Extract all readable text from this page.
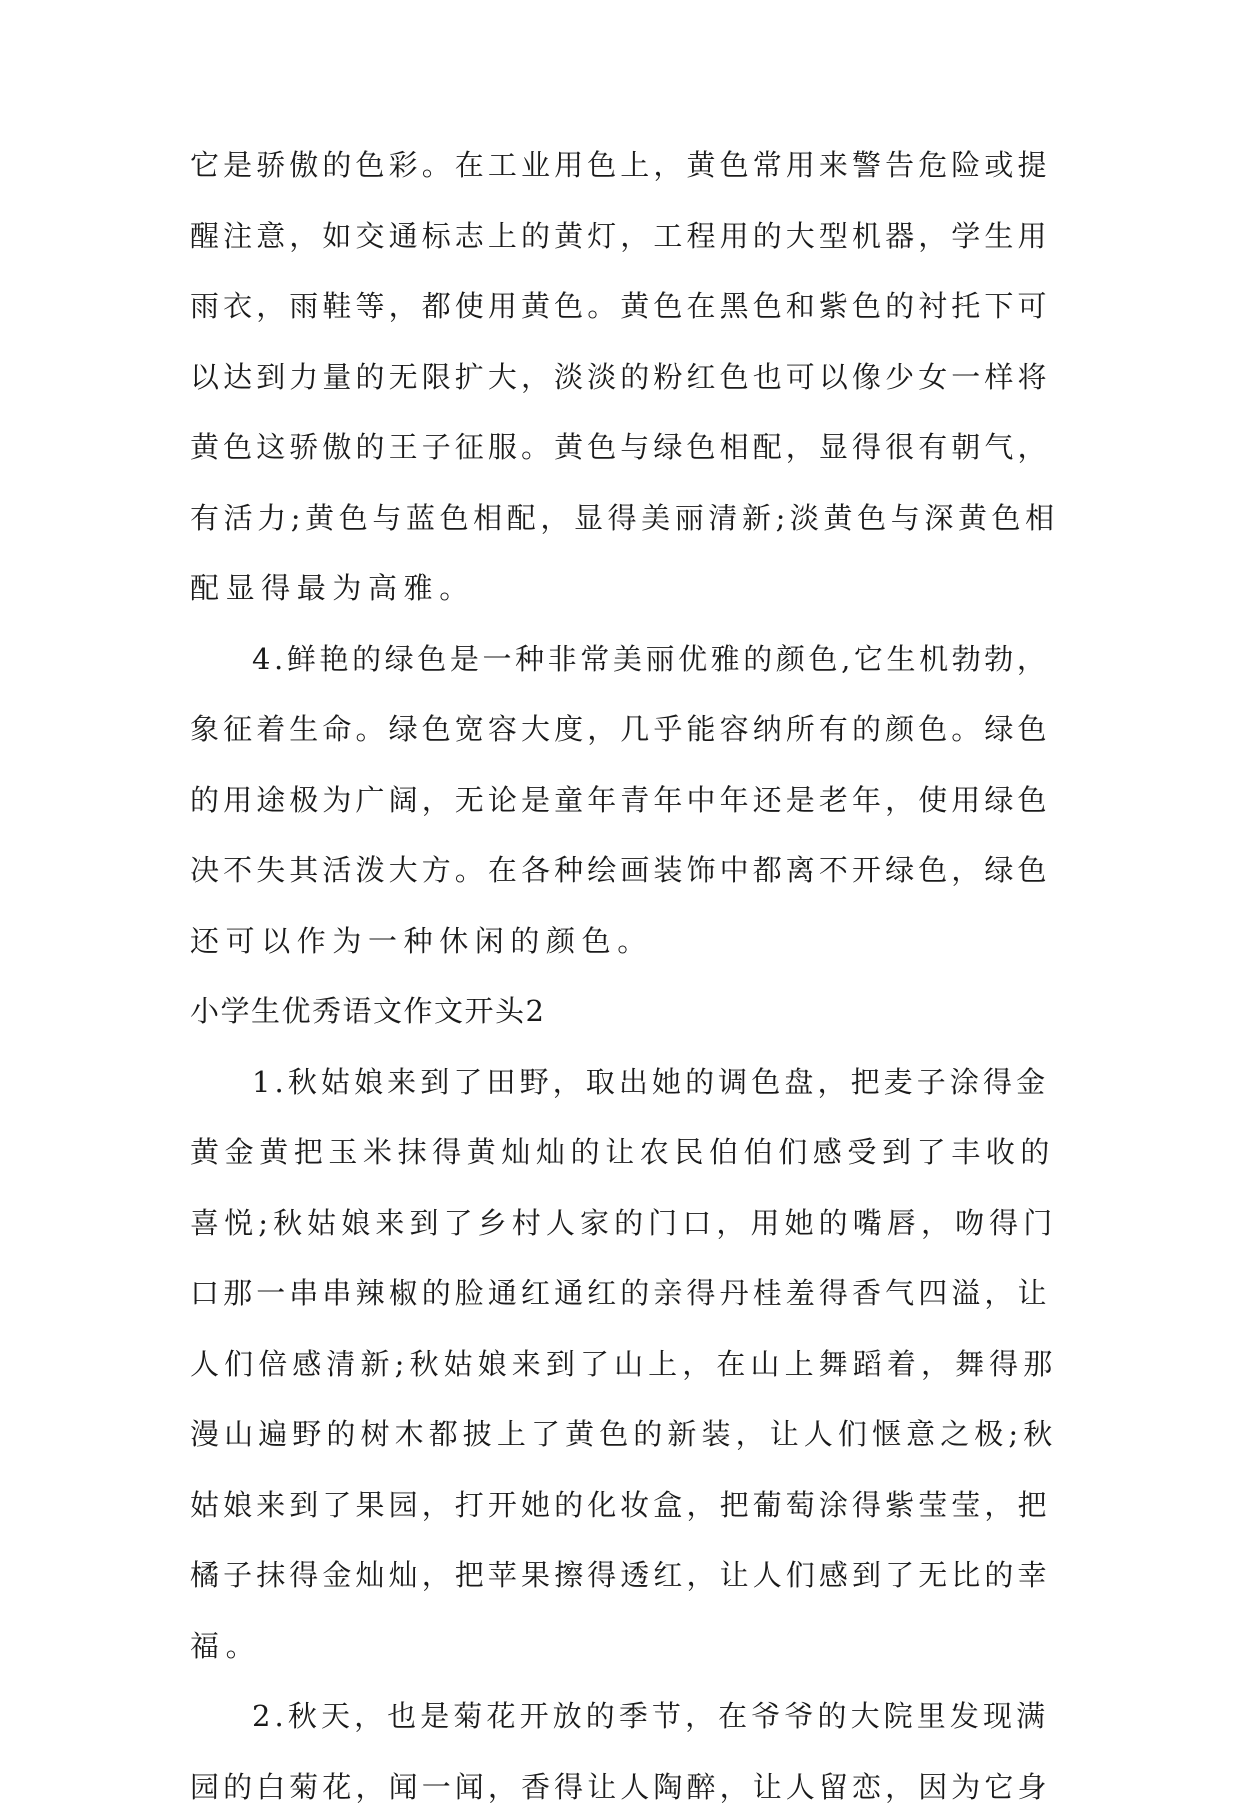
它是骄傲的色彩。在工业用色上，黄色常用来警告危险或提
醒注意，如交通标志上的黄灯，工程用的大型机器，学生用
雨衣，雨鞋等，都使用黄色。黄色在黑色和紫色的衬托下可
以达到力量的无限扩大，淡淡的粉红色也可以像少女一样将
黄色这骄傲的王子征服。黄色与绿色相配，显得很有朝气，
有活力;黄色与蓝色相配，显得美丽清新;淡黄色与深黄色相
配显得最为高雅。
4.鲜艳的绿色是一种非常美丽优雅的颜色,它生机勃勃，
象征着生命。绿色宽容大度，几乎能容纳所有的颜色。绿色
的用途极为广阔，无论是童年青年中年还是老年，使用绿色
决不失其活泼大方。在各种绘画装饰中都离不开绿色，绿色
还可以作为一种休闲的颜色。
小学生优秀语文作文开头2
1.秋姑娘来到了田野，取出她的调色盘，把麦子涂得金
黄金黄把玉米抹得黄灿灿的让农民伯伯们感受到了丰收的
喜悦;秋姑娘来到了乡村人家的门口，用她的嘴唇，吻得门
口那一串串辣椒的脸通红通红的亲得丹桂羞得香气四溢，让
人们倍感清新;秋姑娘来到了山上，在山上舞蹈着，舞得那
漫山遍野的树木都披上了黄色的新装，让人们惬意之极;秋
姑娘来到了果园，打开她的化妆盒，把葡萄涂得紫莹莹，把
橘子抹得金灿灿，把苹果擦得透红，让人们感到了无比的幸
福。
2.秋天，也是菊花开放的季节，在爷爷的大院里发现满
园的白菊花，闻一闻，香得让人陶醉，让人留恋，因为它身
